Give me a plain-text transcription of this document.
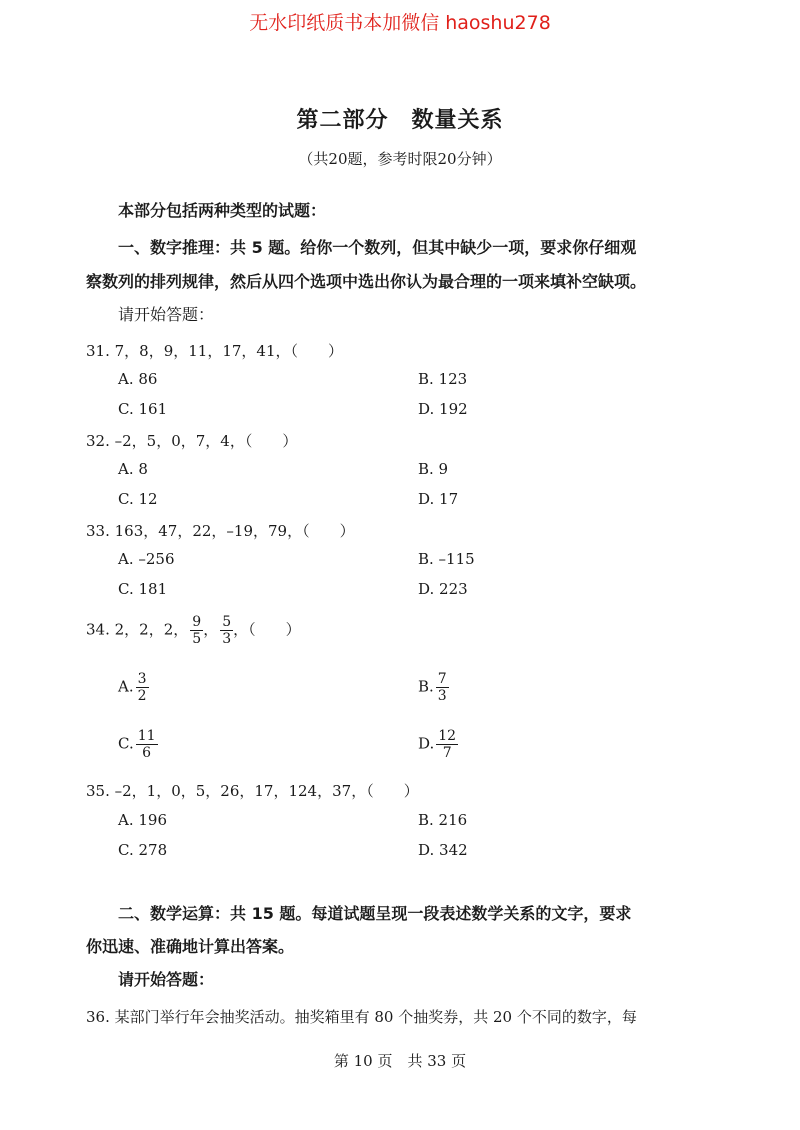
无水印纸质书本加微信 haoshu278
第二部分　数量关系
（共20题，参考时限20分钟）
本部分包括两种类型的试题：
一、数字推理：共 5 题。给你一个数列，但其中缺少一项，要求你仔细观
察数列的排列规律，然后从四个选项中选出你认为最合理的一项来填补空缺项。
请开始答题：
31. 7，8，9，11，17，41，（　　）
A. 86	B. 123
C. 161	D. 192
32. –2，5，0，7，4，（　　）
A. 8	B. 9
C. 12	D. 17
33. 163，47，22，–19，79，（　　）
A. –256	B. –115
C. 181	D. 223
34. 2，2，2， $\frac{9}{5}$ ， $\frac{5}{3}$ ，（　　）
A. $\frac{3}{2}$	B. $\frac{7}{3}$
C. $\frac{11}{6}$	D. $\frac{12}{7}$
35. –2，1，0，5，26，17，124，37，（　　）
A. 196	B. 216
C. 278	D. 342
二、数学运算：共 15 题。每道试题呈现一段表述数学关系的文字，要求
你迅速、准确地计算出答案。
请开始答题：
36. 某部门举行年会抽奖活动。抽奖箱里有 80 个抽奖券，共 20 个不同的数字，每
第 10 页　共 33 页
